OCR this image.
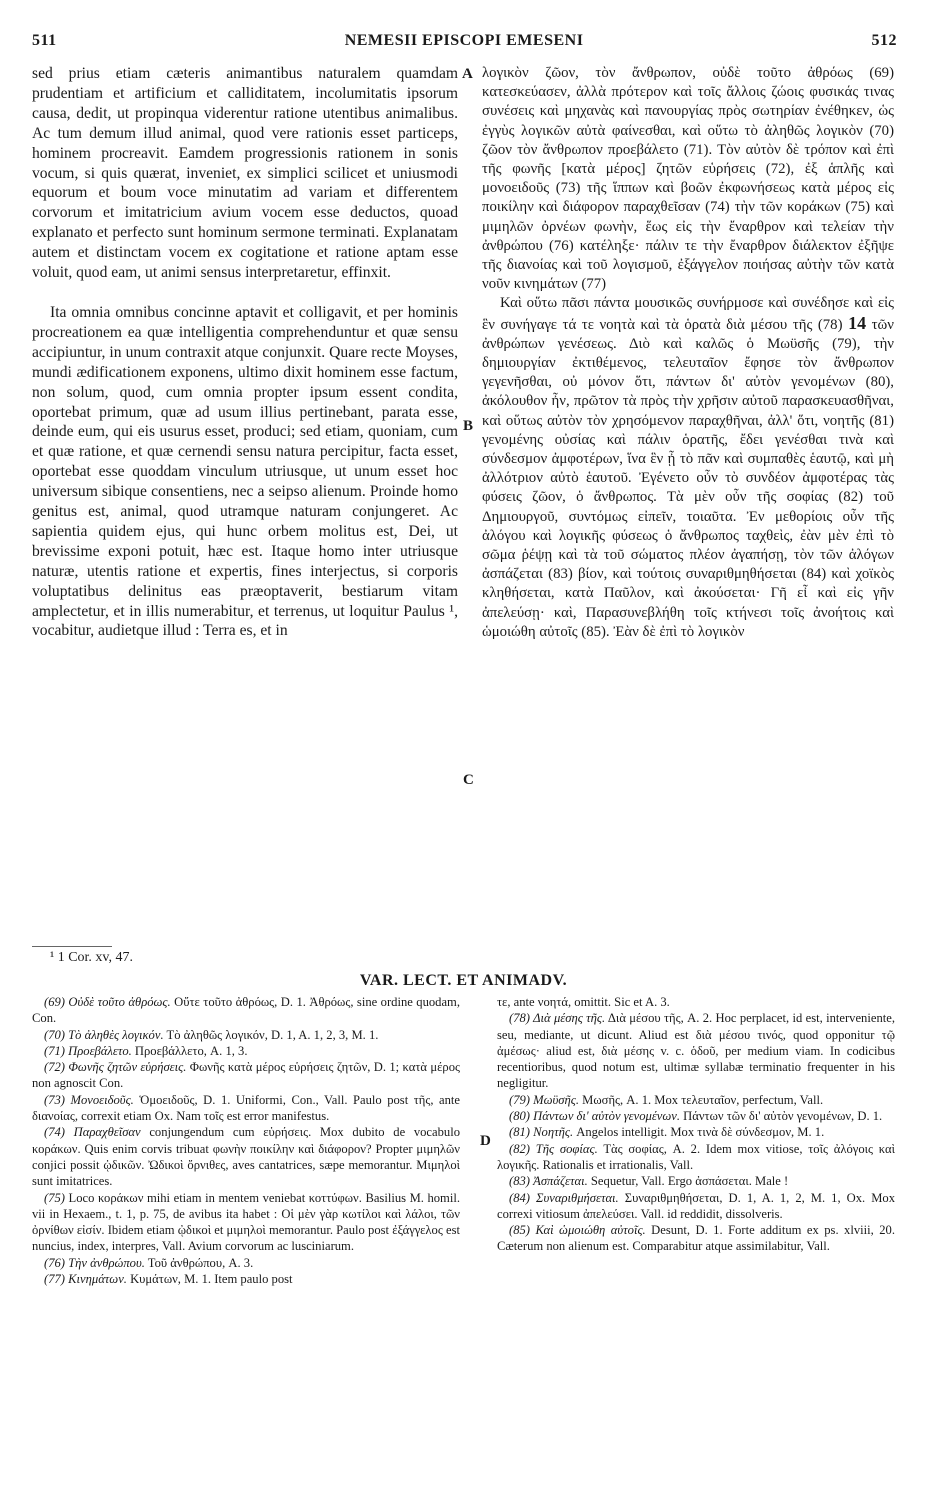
511	NEMESII EPISCOPI EMESENI	512

sed prius etiam cæteris animantibus naturalem quamdam prudentiam et artificium et calliditatem, incolumitatis ipsorum causa, dedit, ut propinqua viderentur ratione utentibus animalibus. Ac tum demum illud animal, quod vere rationis esset particeps, hominem procreavit. Eamdem progressionis rationem in sonis vocum, si quis quærat, inveniet, ex simplici scilicet et uniusmodi equorum et boum voce minutatim ad variam et differentem corvorum et imitatricium avium vocem esse deductos, quoad explanato et perfecto sunt hominum sermone terminati. Explanatam autem et distinctam vocem ex cogitatione et ratione aptam esse voluit, quod eam, ut animi sensus interpretaretur, effinxit.

Ita omnia omnibus concinne aptavit et colligavit, et per hominis procreationem ea quæ intelligentia comprehenduntur et quæ sensu accipiuntur, in unum contraxit atque conjunxit. Quare recte Moyses, mundi ædificationem exponens, ultimo dixit hominem esse factum, non solum, quod, cum omnia propter ipsum essent condita, oportebat primum, quæ ad usum illius pertinebant, parata esse, deinde eum, qui eis usurus esset, produci; sed etiam, quoniam, cum et quæ ratione, et quæ cernendi sensu natura percipitur, facta esset, oportebat esse quoddam vinculum utriusque, ut unum esset hoc universum sibique consentiens, nec a seipso alienum. Proinde homo genitus est, animal, quod utramque naturam conjungeret. Ac sapientia quidem ejus, qui hunc orbem molitus est, Dei, ut brevissime exponi potuit, hæc est. Itaque homo inter utriusque naturæ, utentis ratione et expertis, fines interjectus, si corporis voluptatibus delinitus eas præoptaverit, bestiarum vitam amplectetur, et in illis numerabitur, et terrenus, ut loquitur Paulus ¹, vocabitur, audietque illud : Terra es, et in

A
B
C
D

λογικὸν ζῶον, τὸν ἄνθρωπον, οὐδὲ τοῦτο ἀθρόως (69) κατεσκεύασεν, ἀλλὰ πρότερον καὶ τοῖς ἄλλοις ζώοις φυσικάς τινας συνέσεις καὶ μηχανὰς καὶ πανουργίας πρὸς σωτηρίαν ἐνέθηκεν, ὡς ἐγγὺς λογικῶν αὐτὰ φαίνεσθαι, καὶ οὕτω τὸ ἀληθῶς λογικὸν (70) ζῶον τὸν ἄνθρωπον προεβάλετο (71). Τὸν αὐτὸν δὲ τρόπον καὶ ἐπὶ τῆς φωνῆς [κατὰ μέρος] ζητῶν εὑρήσεις (72), ἐξ ἁπλῆς καὶ μονοειδοῦς (73) τῆς ἵππων καὶ βοῶν ἐκφωνήσεως κατὰ μέρος εἰς ποικίλην καὶ διάφορον παραχθεῖσαν (74) τὴν τῶν κοράκων (75) καὶ μιμηλῶν ὀρνέων φωνὴν, ἕως εἰς τὴν ἔναρθρον καὶ τελείαν τὴν ἀνθρώπου (76) κατέληξε· πάλιν τε τὴν ἔναρθρον διάλεκτον ἐξῆψε τῆς διανοίας καὶ τοῦ λογισμοῦ, ἐξάγγελον ποιήσας αὐτὴν τῶν κατὰ νοῦν κινημάτων (77)

Καὶ οὕτω πᾶσι πάντα μουσικῶς συνήρμοσε καὶ συνέδησε καὶ εἰς ἓν συνήγαγε τά τε νοητὰ καὶ τὰ ὁρατὰ διὰ μέσου τῆς (78) 14 τῶν ἀνθρώπων γενέσεως. Διὸ καὶ καλῶς ὁ Μωϋσῆς (79), τὴν δημιουργίαν ἐκτιθέμενος, τελευταῖον ἔφησε τὸν ἄνθρωπον γεγενῆσθαι, οὐ μόνον ὅτι, πάντων δι' αὐτὸν γενομένων (80), ἀκόλουθον ἦν, πρῶτον τὰ πρὸς τὴν χρῆσιν αὐτοῦ παρασκευασθῆναι, καὶ οὕτως αὐτὸν τὸν χρησόμενον παραχθῆναι, ἀλλ' ὅτι, νοητῆς (81) γενομένης οὐσίας καὶ πάλιν ὁρατῆς, ἔδει γενέσθαι τινὰ καὶ σύνδεσμον ἀμφοτέρων, ἵνα ἓν ᾖ τὸ πᾶν καὶ συμπαθὲς ἑαυτῷ, καὶ μὴ ἀλλότριον αὐτὸ ἑαυτοῦ. Ἐγένετο οὖν τὸ συνδέον ἀμφοτέρας τὰς φύσεις ζῶον, ὁ ἄνθρωπος. Τὰ μὲν οὖν τῆς σοφίας (82) τοῦ Δημιουργοῦ, συντόμως εἰπεῖν, τοιαῦτα. Ἐν μεθορίοις οὖν τῆς ἀλόγου καὶ λογικῆς φύσεως ὁ ἄνθρωπος ταχθεὶς, ἐὰν μὲν ἐπὶ τὸ σῶμα ῥέψῃ καὶ τὰ τοῦ σώματος πλέον ἀγαπήσῃ, τὸν τῶν ἀλόγων ἀσπάζεται (83) βίον, καὶ τούτοις συναριθμηθήσεται (84) καὶ χοϊκὸς κληθήσεται, κατὰ Παῦλον, καὶ ἀκούσεται· Γῆ εἶ καὶ εἰς γῆν ἀπελεύσῃ· καὶ, Παρασυνεβλήθη τοῖς κτήνεσι τοῖς ἀνοήτοις καὶ ὡμοιώθη αὐτοῖς (85). Ἐὰν δὲ ἐπὶ τὸ λογικὸν

¹ 1 Cor. xv, 47.
VAR. LECT. ET ANIMADV.

(69) Οὐδὲ τοῦτο ἀθρόως. Οὔτε τοῦτο ἀθρόως, D. 1. Ἀθρόως, sine ordine quodam, Con.

(70) Τὸ ἀληθὲς λογικόν. Τὸ ἀληθῶς λογικόν, D. 1, A. 1, 2, 3, M. 1.

(71) Προεβάλετο. Προεβάλλετο, A. 1, 3.

(72) Φωνῆς ζητῶν εὑρήσεις. Φωνῆς κατὰ μέρος εὑρήσεις ζητῶν, D. 1; κατὰ μέρος non agnoscit Con.

(73) Μονοειδοῦς. Ὁμοειδοῦς, D. 1. Uniformi, Con., Vall. Paulo post τῆς, ante διανοίας, correxit etiam Ox. Nam τοῖς est error manifestus.

(74) Παραχθεῖσαν conjungendum cum εὑρήσεις. Mox dubito de vocabulo κοράκων. Quis enim corvis tribuat φωνὴν ποικίλην καὶ διάφορον? Propter μιμηλῶν conjici possit ᾠδικῶν. Ὠδικοὶ ὄρνιθες, aves cantatrices, sæpe memorantur. Μιμηλοὶ sunt imitatrices.

(75) Loco κοράκων mihi etiam in mentem veniebat κοττύφων. Basilius M. homil. vii in Hexaem., t. 1, p. 75, de avibus ita habet : Οἱ μὲν γὰρ κωτίλοι καὶ λάλοι, τῶν ὀρνίθων εἰσίν. Ibidem etiam ᾠδικοὶ et μιμηλοὶ memorantur. Paulo post ἐξάγγελος est nuncius, index, interpres, Vall. Avium corvorum ac lusciniarum.

(76) Τὴν ἀνθρώπου. Τοῦ ἀνθρώπου, A. 3.

(77) Κινημάτων. Κυμάτων, M. 1. Item paulo post

τε, ante νοητά, omittit. Sic et A. 3.

(78) Διὰ μέσης τῆς. Διὰ μέσου τῆς, A. 2. Hoc perplacet, id est, interveniente, seu, mediante, ut dicunt. Aliud est διὰ μέσου τινός, quod opponitur τῷ ἀμέσως· aliud est, διὰ μέσης v. c. ὁδοῦ, per medium viam. In codicibus recentioribus, quod notum est, ultimæ syllabæ terminatio frequenter in his negligitur.

(79) Μωϋσῆς. Μωσῆς, A. 1. Mox τελευταῖον, perfectum, Vall.

(80) Πάντων δι' αὐτὸν γενομένων. Πάντων τῶν δι' αὐτὸν γενομένων, D. 1.

(81) Νοητῆς. Angelos intelligit. Mox τινὰ δὲ σύνδεσμον, M. 1.

(82) Τῆς σοφίας. Τὰς σοφίας, A. 2. Idem mox vitiose, τοῖς ἀλόγοις καὶ λογικῆς. Rationalis et irrationalis, Vall.

(83) Ἀσπάζεται. Sequetur, Vall. Ergo ἀσπάσεται. Male !

(84) Συναριθμήσεται. Συναριθμηθήσεται, D. 1, A. 1, 2, M. 1, Ox. Mox correxi vitiosum ἀπελεύσει. Vall. id reddidit, dissolveris.

(85) Καὶ ὡμοιώθη αὐτοῖς. Desunt, D. 1. Forte additum ex ps. xlviii, 20. Cæterum non alienum est. Comparabitur atque assimilabitur, Vall.
